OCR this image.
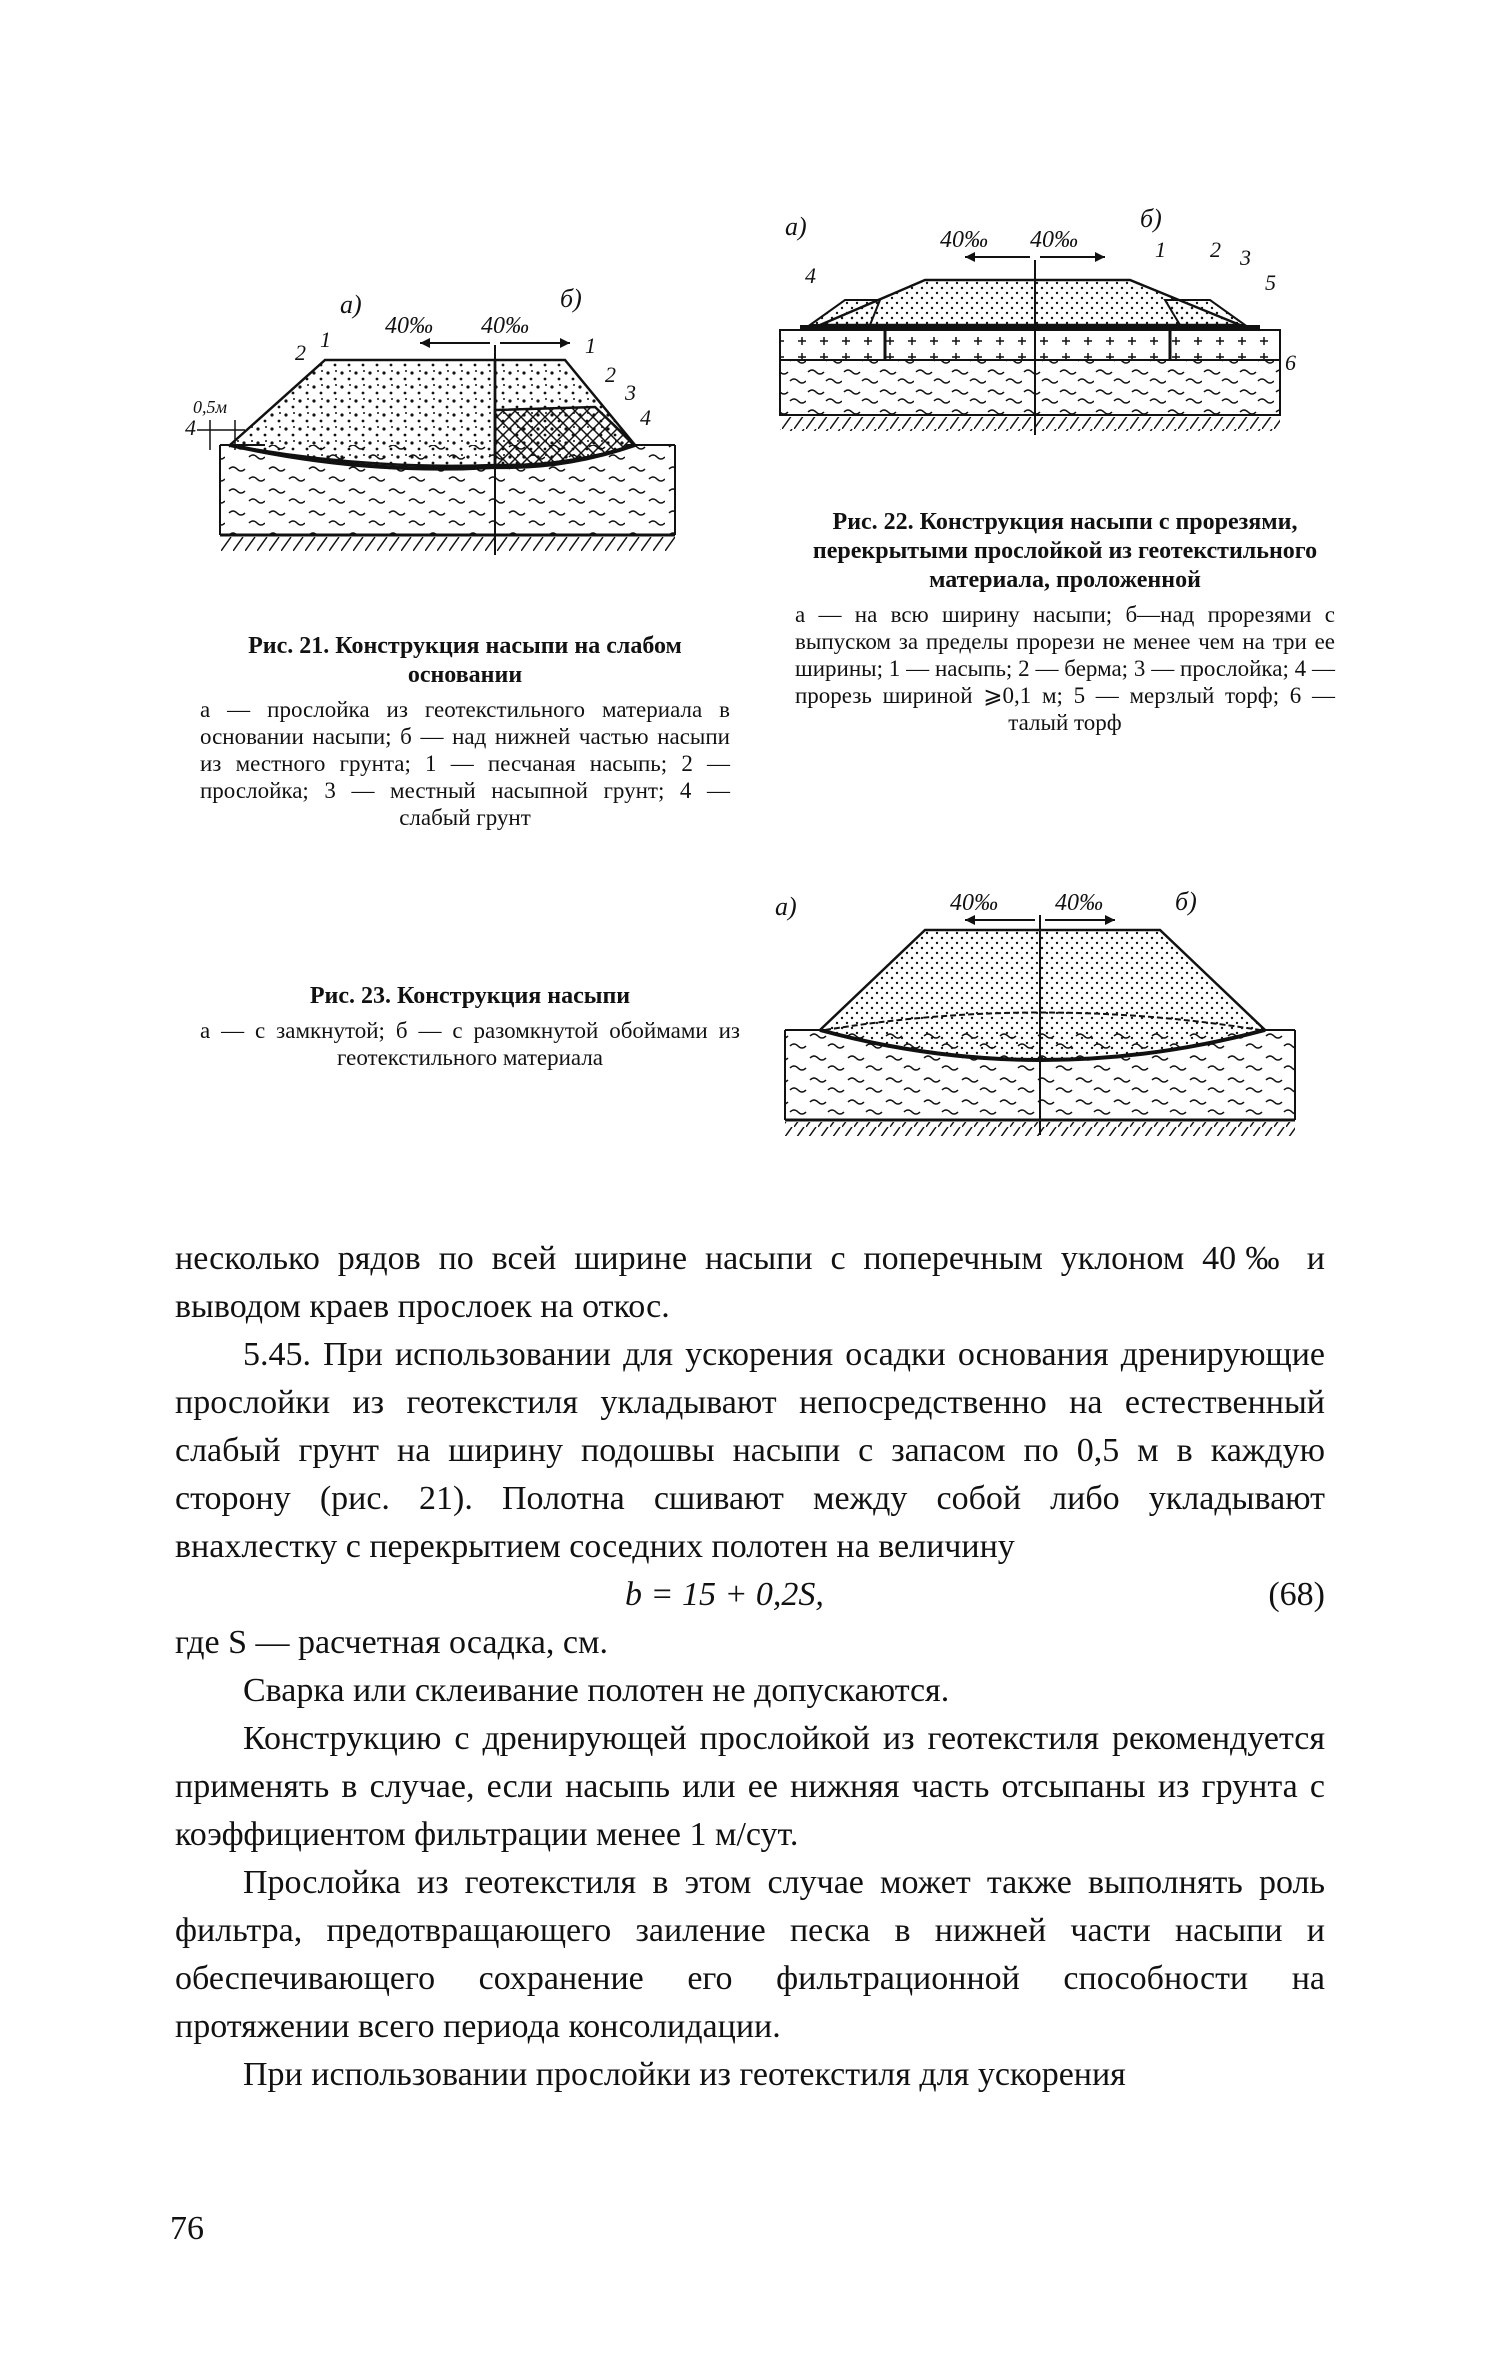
а)	б)
40‰ 40‰
0,5м
1	1
2
2
3
4	4
Рис. 21. Конструкция насыпи на слабом основании
а — прослойка из геотекстильного материала в основании насыпи; б — над нижней частью насыпи из местного грунта; 1 — песчаная насыпь; 2 — прослойка; 3 — местный насыпной грунт; 4 — слабый грунт
а)	б)
40‰ 40‰	1 2 3
4	5
6
Рис. 22. Конструкция насыпи с прорезями, перекрытыми прослойкой из геотекстильного материала, проложенной
а — на всю ширину насыпи; б—над прорезями с выпуском за пределы прорези не менее чем на три ее ширины; 1 — насыпь; 2 — берма; 3 — прослойка; 4 — прорезь шириной ⩾0,1 м; 5 — мерзлый торф; 6 — талый торф
а)	б)
40‰ 40‰
Рис. 23. Конструкция насыпи
а — с замкнутой; б — с разомкнутой обоймами из геотекстильного материала

несколько рядов по всей ширине насыпи с поперечным уклоном 40‰ и выводом краев прослоек на откос.

5.45. При использовании для ускорения осадки основания дренирующие прослойки из геотекстиля укладывают непосредственно на естественный слабый грунт на ширину подошвы насыпи с запасом по 0,5 м в каждую сторону (рис. 21). Полотна сшивают между собой либо укладывают внахлестку с перекрытием соседних полотен на величину

b = 15 + 0,2S,	(68)

где S — расчетная осадка, см.

Сварка или склеивание полотен не допускаются.

Конструкцию с дренирующей прослойкой из геотекстиля рекомендуется применять в случае, если насыпь или ее нижняя часть отсыпаны из грунта с коэффициентом фильтрации менее 1 м/сут.

Прослойка из геотекстиля в этом случае может также выполнять роль фильтра, предотвращающего заиление песка в нижней части насыпи и обеспечивающего сохранение его фильтрационной способности на протяжении всего периода консолидации.

При использовании прослойки из геотекстиля для ускорения

76
